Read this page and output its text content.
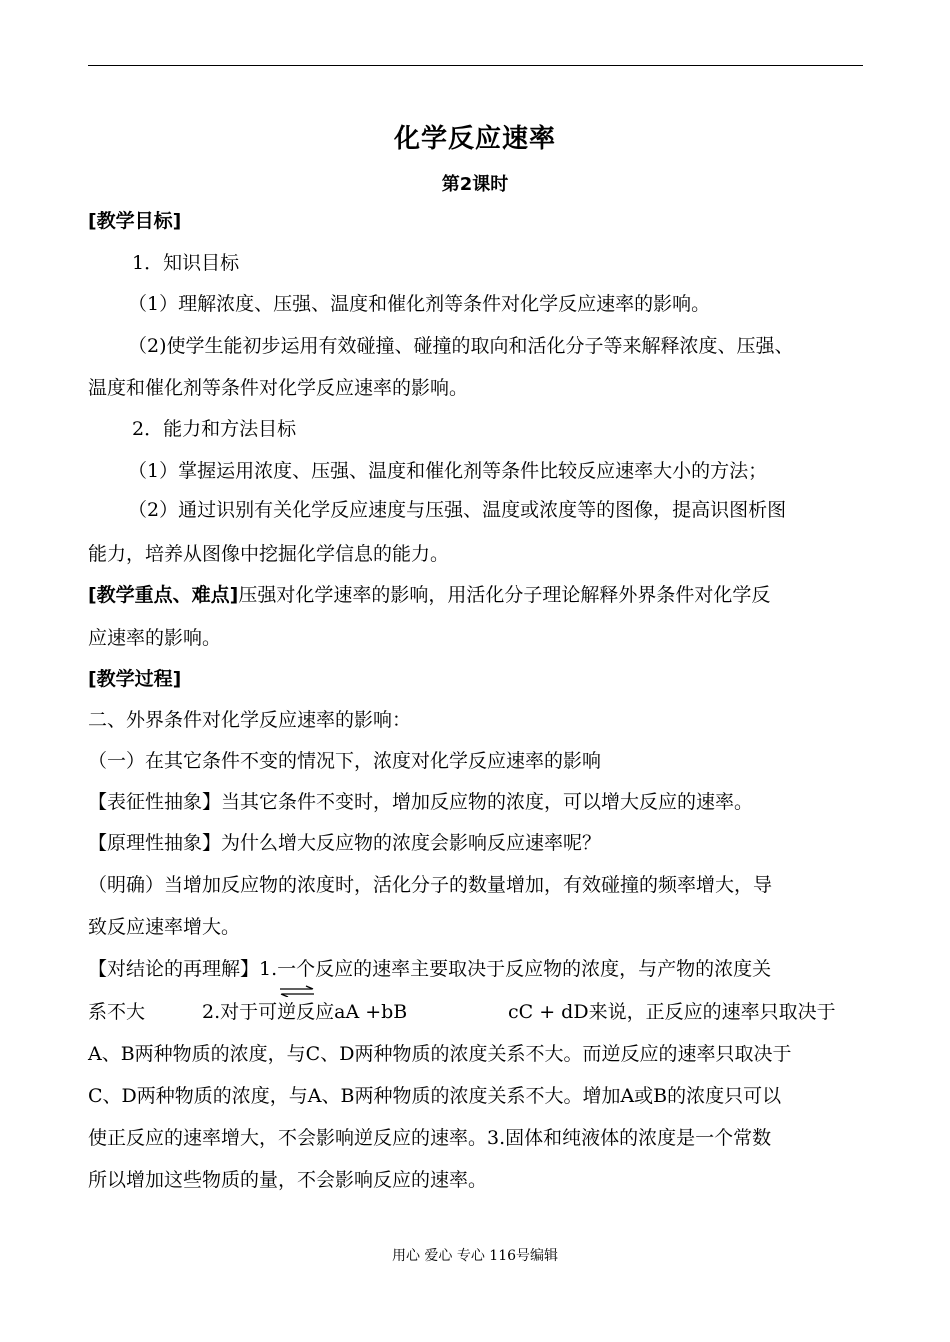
化学反应速率
第2课时
[教学目标]
1．知识目标
（1）理解浓度、压强、温度和催化剂等条件对化学反应速率的影响。
（2)使学生能初步运用有效碰撞、碰撞的取向和活化分子等来解释浓度、压强、
温度和催化剂等条件对化学反应速率的影响。
2．能力和方法目标
（1）掌握运用浓度、压强、温度和催化剂等条件比较反应速率大小的方法；
（2）通过识别有关化学反应速度与压强、温度或浓度等的图像，提高识图析图
能力，培养从图像中挖掘化学信息的能力。
[教学重点、难点]压强对化学速率的影响，用活化分子理论解释外界条件对化学反
应速率的影响。
[教学过程]
二、外界条件对化学反应速率的影响：
（一）在其它条件不变的情况下，浓度对化学反应速率的影响
【表征性抽象】当其它条件不变时，增加反应物的浓度，可以增大反应的速率。
【原理性抽象】为什么增大反应物的浓度会影响反应速率呢？
（明确）当增加反应物的浓度时，活化分子的数量增加，有效碰撞的频率增大，导
致反应速率增大。
【对结论的再理解】1.一个反应的速率主要取决于反应物的浓度，与产物的浓度关
系不大　　　2.对于可逆反应aA +bB	cC + dD来说，正反应的速率只取决于
A、B两种物质的浓度，与C、D两种物质的浓度关系不大。而逆反应的速率只取决于
C、D两种物质的浓度，与A、B两种物质的浓度关系不大。增加A或B的浓度只可以
使正反应的速率增大，不会影响逆反应的速率。3.固体和纯液体的浓度是一个常数
所以增加这些物质的量，不会影响反应的速率。
用心 爱心 专心 116号编辑
